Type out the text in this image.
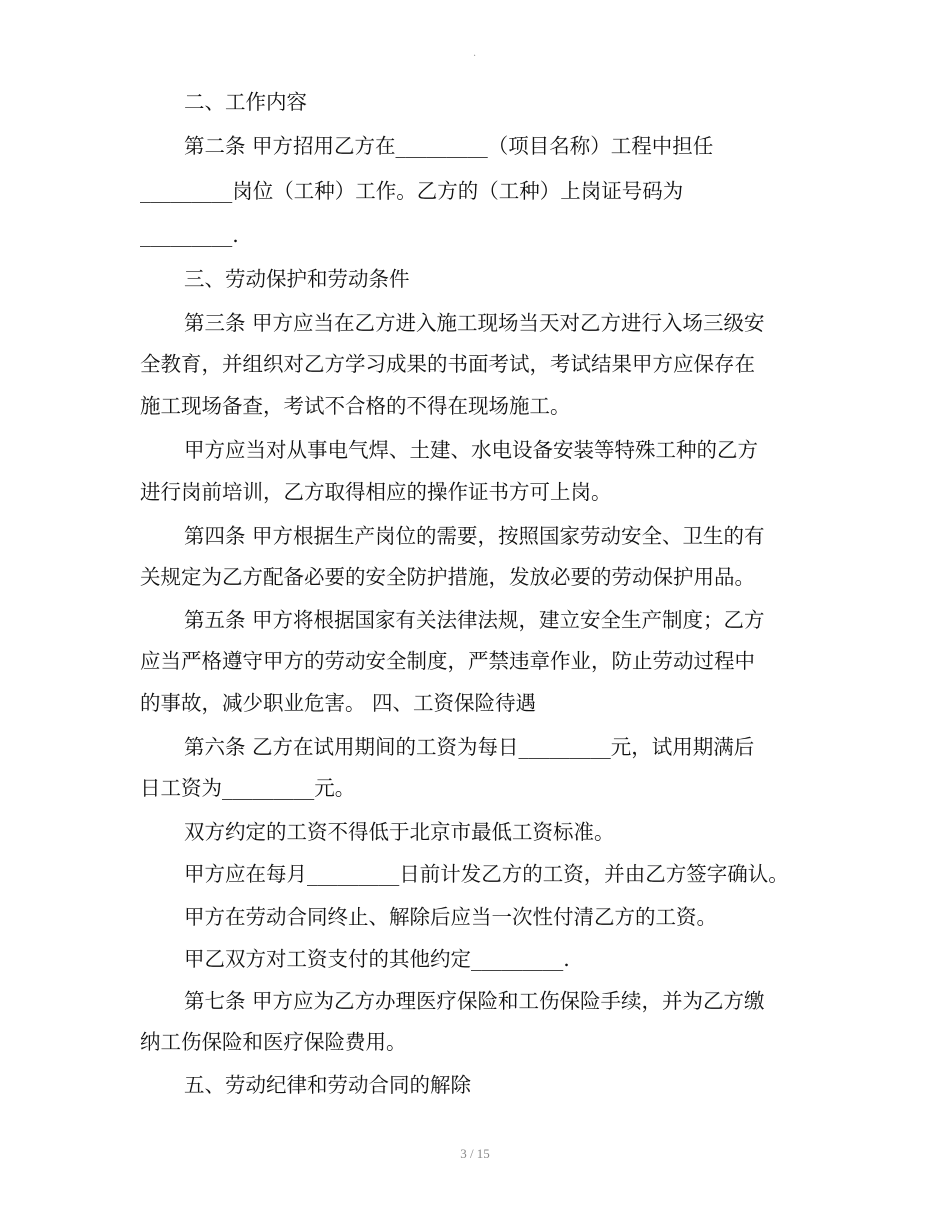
.
二、工作内容
第二条 甲方招用乙方在_________（项目名称）工程中担任
_________岗位（工种）工作。乙方的（工种）上岗证号码为
_________.
三、劳动保护和劳动条件
第三条 甲方应当在乙方进入施工现场当天对乙方进行入场三级安
全教育，并组织对乙方学习成果的书面考试，考试结果甲方应保存在
施工现场备查，考试不合格的不得在现场施工。
甲方应当对从事电气焊、土建、水电设备安装等特殊工种的乙方
进行岗前培训，乙方取得相应的操作证书方可上岗。
第四条 甲方根据生产岗位的需要，按照国家劳动安全、卫生的有
关规定为乙方配备必要的安全防护措施，发放必要的劳动保护用品。
第五条 甲方将根据国家有关法律法规，建立安全生产制度；乙方
应当严格遵守甲方的劳动安全制度，严禁违章作业，防止劳动过程中
的事故，减少职业危害。 四、工资保险待遇
第六条 乙方在试用期间的工资为每日_________元，试用期满后
日工资为_________元。
双方约定的工资不得低于北京市最低工资标准。
甲方应在每月_________日前计发乙方的工资，并由乙方签字确认。
甲方在劳动合同终止、解除后应当一次性付清乙方的工资。
甲乙双方对工资支付的其他约定_________.
第七条 甲方应为乙方办理医疗保险和工伤保险手续，并为乙方缴
纳工伤保险和医疗保险费用。
五、劳动纪律和劳动合同的解除
3 / 15
